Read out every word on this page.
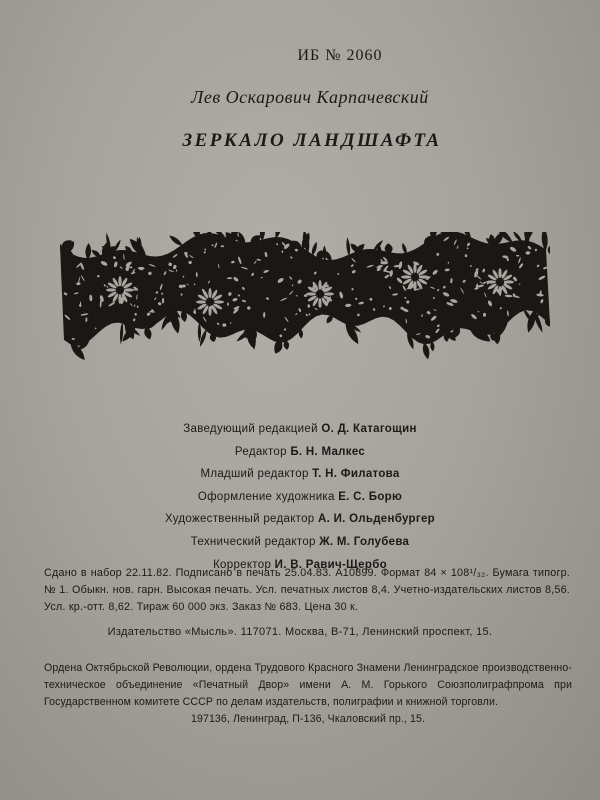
ИБ № 2060
Лев Оскарович Карпачевский
ЗЕРКАЛО ЛАНДШАФТА
Заведующий редакцией О. Д. Катагощин
Редактор Б. Н. Малкес
Младший редактор Т. Н. Филатова
Оформление художника Е. С. Борю
Художественный редактор А. И. Ольденбургер
Технический редактор Ж. М. Голубева
Корректор И. В. Равич-Щербо
Сдано в набор 22.11.82. Подписано в печать 25.04.83. А10899. Формат 84 × 108¹/₃₂. Бумага типогр. № 1. Обыкн. нов. гарн. Высокая печать. Усл. печатных листов 8,4. Учетно-издательских листов 8,56. Усл. кр.-отт. 8,62. Тираж 60 000 экз. Заказ № 683. Цена 30 к.
Издательство «Мысль». 117071. Москва, В-71, Ленинский проспект, 15.
Ордена Октябрьской Революции, ордена Трудового Красного Знамени Ленинградское производственно-техническое объединение «Печатный Двор» имени А. М. Горького Союзполиграфпрома при Государственном комитете СССР по делам издательств, полиграфии и книжной торговли.
197136, Ленинград, П-136, Чкаловский пр., 15.
